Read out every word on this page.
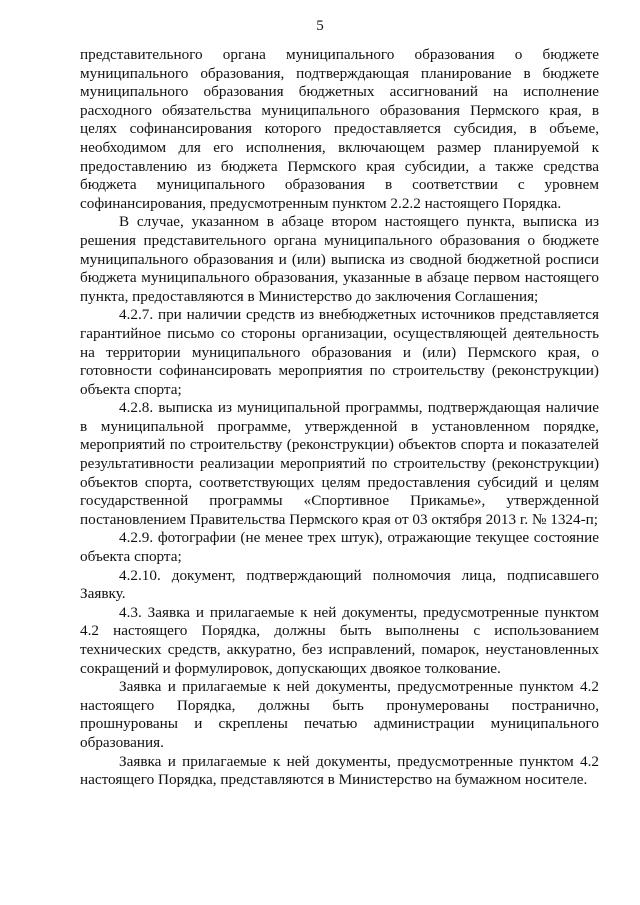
5

представительного органа муниципального образования о бюджете муниципального образования, подтверждающая планирование в бюджете муниципального образования бюджетных ассигнований на исполнение расходного обязательства муниципального образования Пермского края, в целях софинансирования которого предоставляется субсидия, в объеме, необходимом для его исполнения, включающем размер планируемой к предоставлению из бюджета Пермского края субсидии, а также средства бюджета муниципального образования в соответствии с уровнем софинансирования, предусмотренным пунктом 2.2.2 настоящего Порядка.

В случае, указанном в абзаце втором настоящего пункта, выписка из решения представительного органа муниципального образования о бюджете муниципального образования и (или) выписка из сводной бюджетной росписи бюджета муниципального образования, указанные в абзаце первом настоящего пункта, предоставляются в Министерство до заключения Соглашения;

4.2.7. при наличии средств из внебюджетных источников представляется гарантийное письмо со стороны организации, осуществляющей деятельность на территории муниципального образования и (или) Пермского края, о готовности софинансировать мероприятия по строительству (реконструкции) объекта спорта;

4.2.8. выписка из муниципальной программы, подтверждающая наличие в муниципальной программе, утвержденной в установленном порядке, мероприятий по строительству (реконструкции) объектов спорта и показателей результативности реализации мероприятий по строительству (реконструкции) объектов спорта, соответствующих целям предоставления субсидий и целям государственной программы «Спортивное Прикамье», утвержденной постановлением Правительства Пермского края от 03 октября 2013 г. № 1324-п;

4.2.9. фотографии (не менее трех штук), отражающие текущее состояние объекта спорта;

4.2.10. документ, подтверждающий полномочия лица, подписавшего Заявку.

4.3. Заявка и прилагаемые к ней документы, предусмотренные пунктом 4.2 настоящего Порядка, должны быть выполнены с использованием технических средств, аккуратно, без исправлений, помарок, неустановленных сокращений и формулировок, допускающих двоякое толкование.

Заявка и прилагаемые к ней документы, предусмотренные пунктом 4.2 настоящего Порядка, должны быть пронумерованы постранично, прошнурованы и скреплены печатью администрации муниципального образования.

Заявка и прилагаемые к ней документы, предусмотренные пунктом 4.2 настоящего Порядка, представляются в Министерство на бумажном носителе.
